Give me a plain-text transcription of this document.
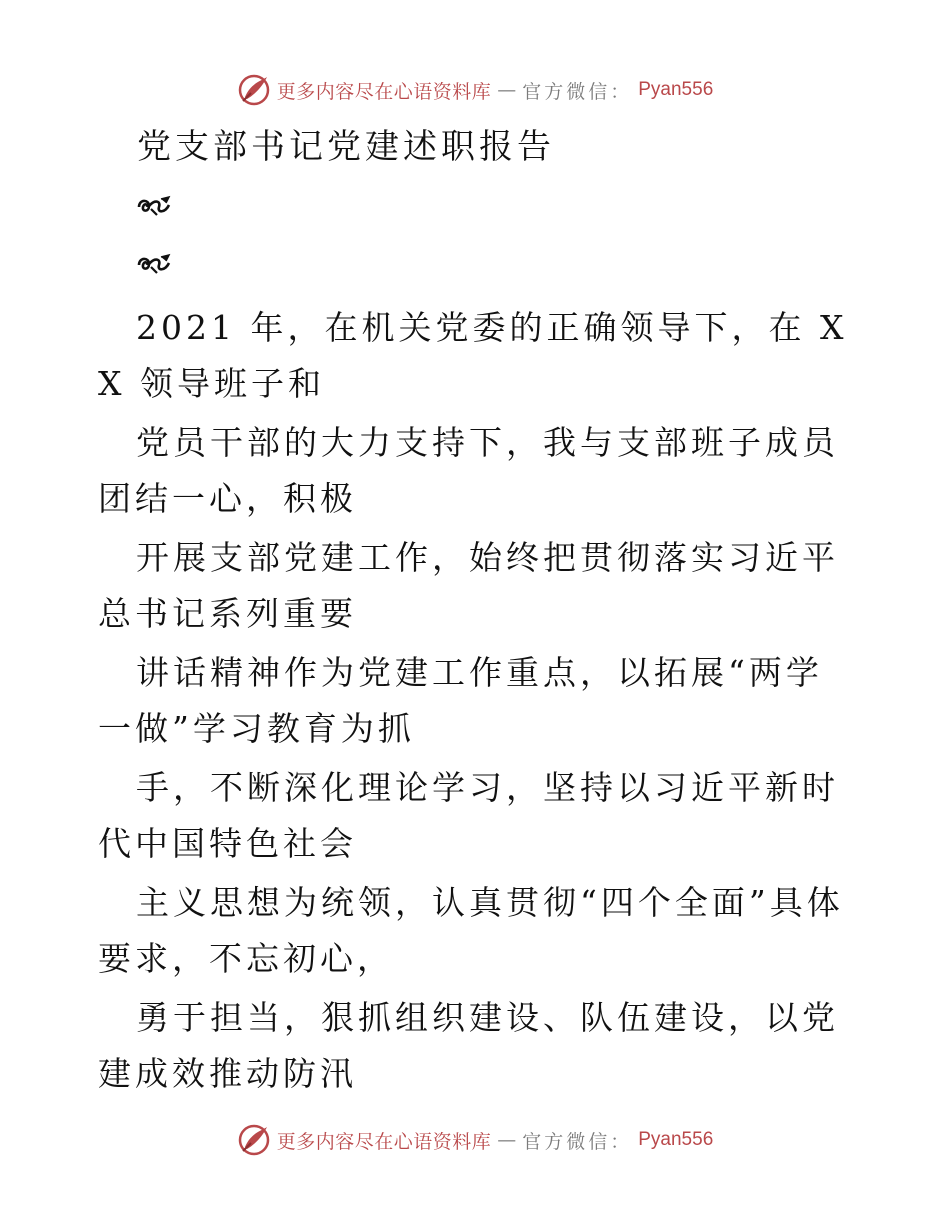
更多内容尽在心语资料库 — 官方微信： Pyan556
党支部书记党建述职报告

2021 年，在机关党委的正确领导下，在 XX 领导班子和

党员干部的大力支持下，我与支部班子成员团结一心，积极

开展支部党建工作，始终把贯彻落实习近平总书记系列重要

讲话精神作为党建工作重点，以拓展“两学一做”学习教育为抓

手，不断深化理论学习，坚持以习近平新时代中国特色社会

主义思想为统领，认真贯彻“四个全面”具体要求，不忘初心，

勇于担当，狠抓组织建设、队伍建设，以党建成效推动防汛

更多内容尽在心语资料库 — 官方微信： Pyan556
